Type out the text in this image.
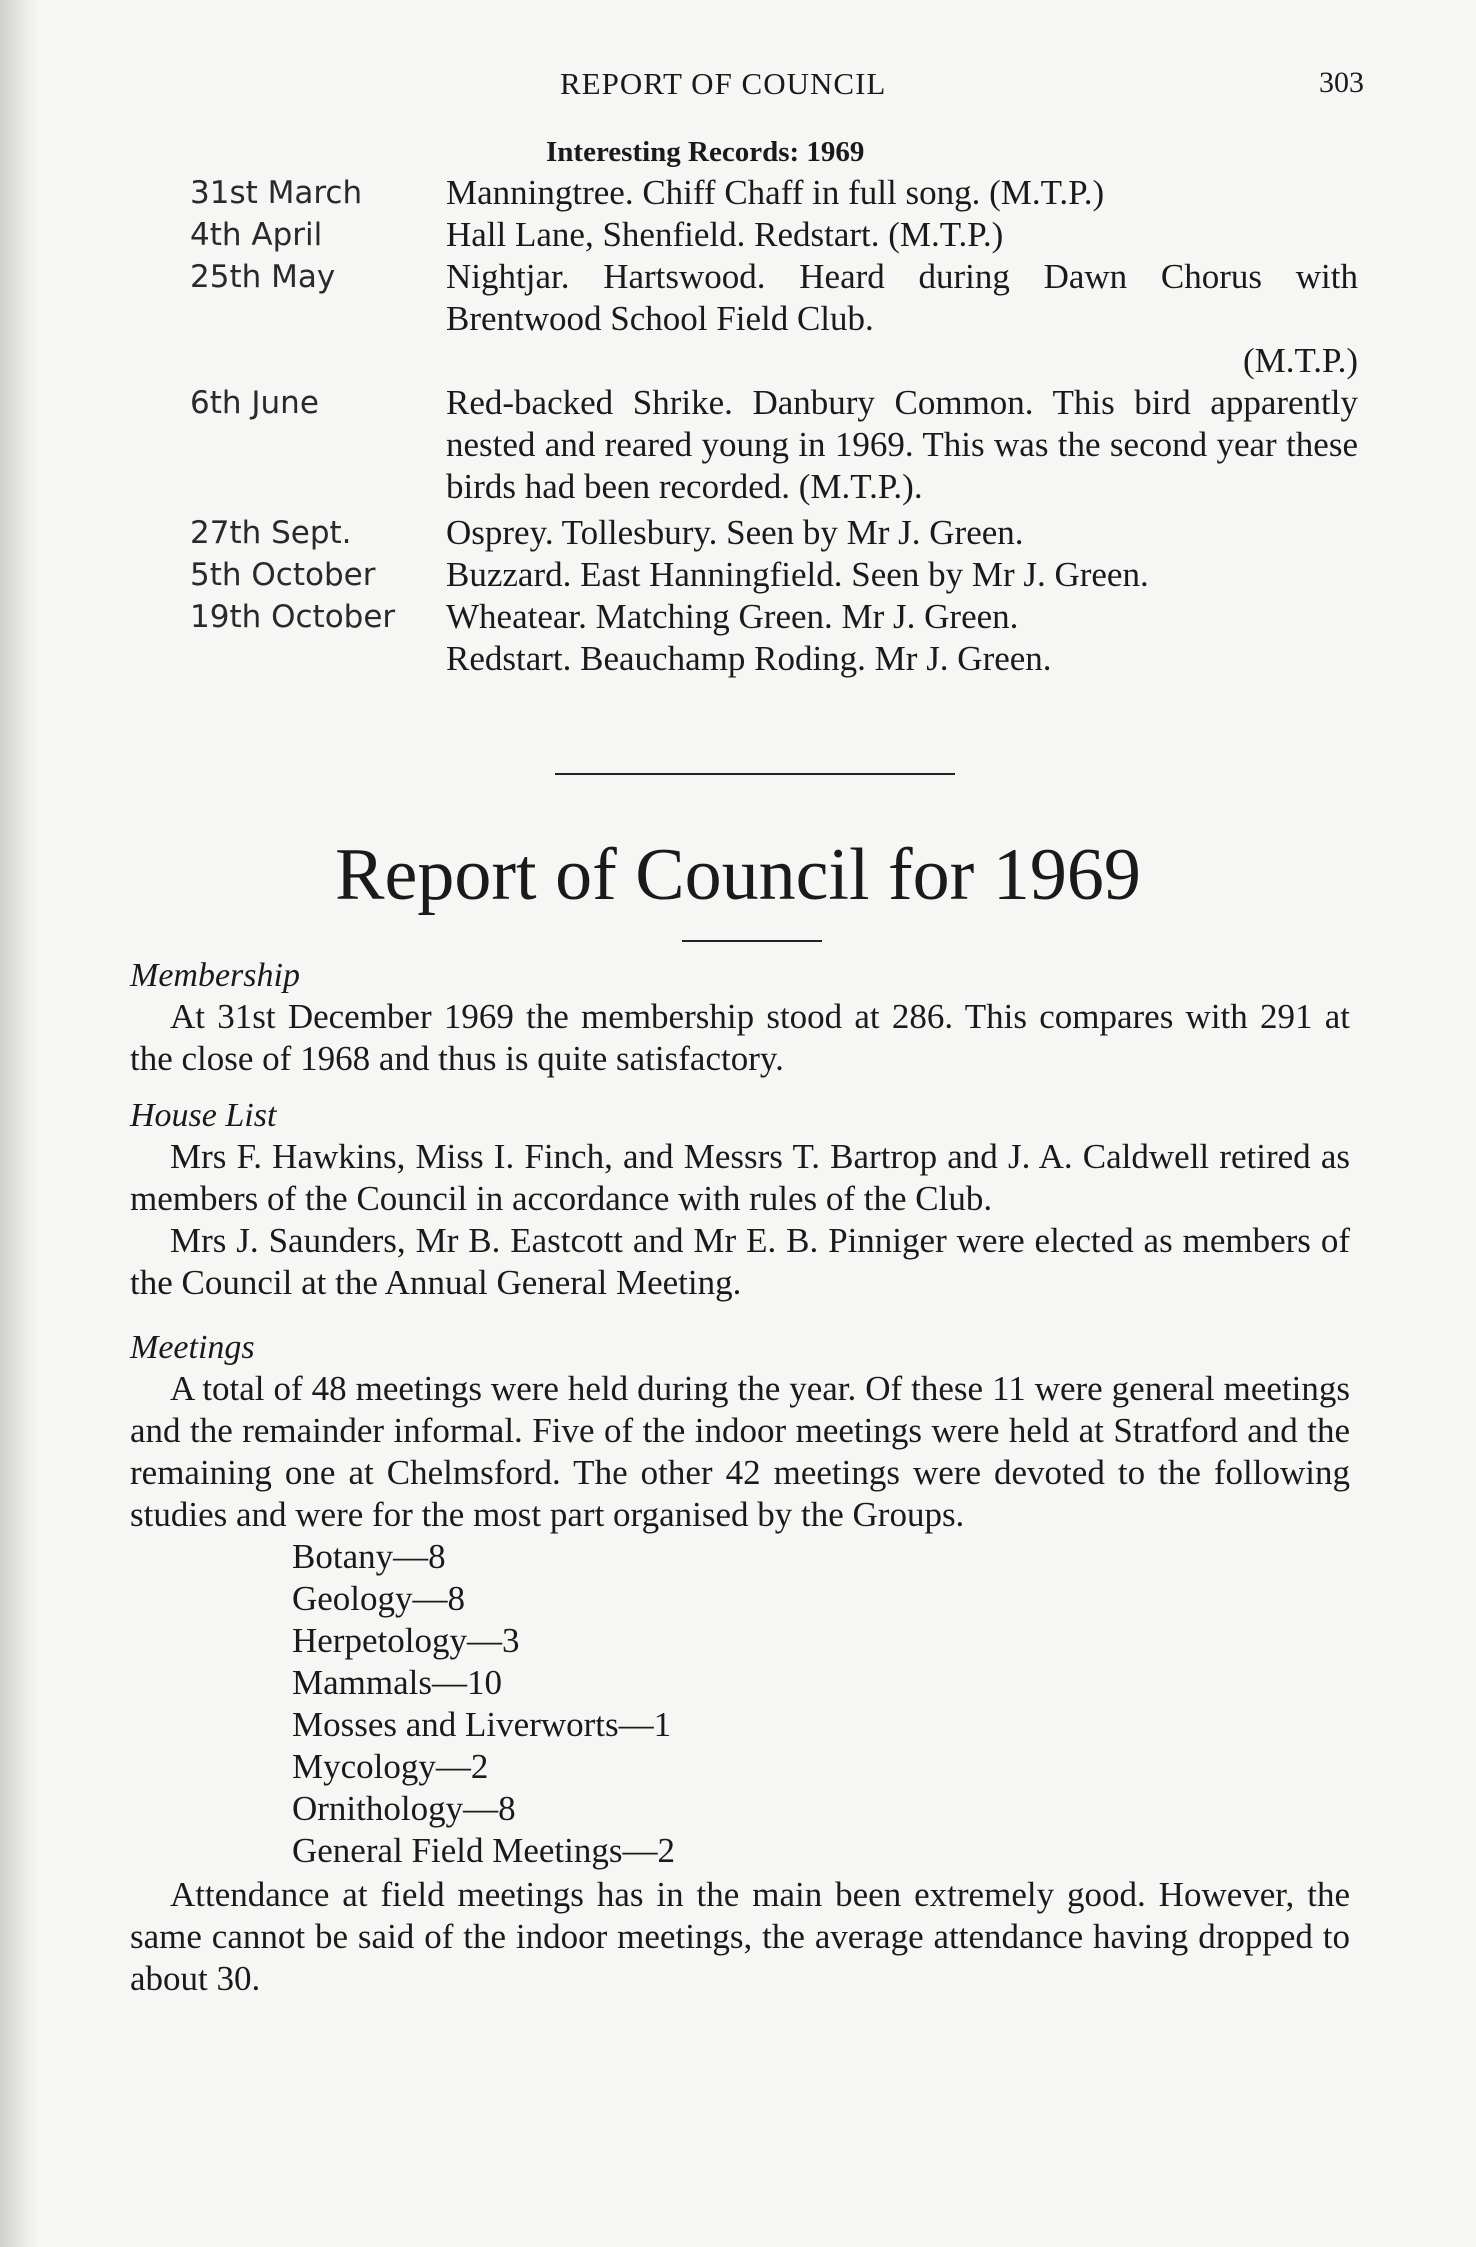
REPORT OF COUNCIL	303
Interesting Records: 1969
31st March	Manningtree. Chiff Chaff in full song. (M.T.P.)
4th April	Hall Lane, Shenfield. Redstart. (M.T.P.)
25th May	Nightjar. Hartswood. Heard during Dawn Chorus with Brentwood School Field Club.
(M.T.P.)
6th June	Red-backed Shrike. Danbury Common. This bird apparently nested and reared young in 1969. This was the second year these birds had been recorded. (M.T.P.).
27th Sept.	Osprey. Tollesbury. Seen by Mr J. Green.
5th October	Buzzard. East Hanningfield. Seen by Mr J. Green.
19th October	Wheatear. Matching Green. Mr J. Green.
Redstart. Beauchamp Roding. Mr J. Green.
Report of Council for 1969
Membership

At 31st December 1969 the membership stood at 286. This compares with 291 at the close of 1968 and thus is quite satisfactory.

House List

Mrs F. Hawkins, Miss I. Finch, and Messrs T. Bartrop and J. A. Caldwell retired as members of the Council in accordance with rules of the Club.

Mrs J. Saunders, Mr B. Eastcott and Mr E. B. Pinniger were elected as members of the Council at the Annual General Meeting.

Meetings

A total of 48 meetings were held during the year. Of these 11 were general meetings and the remainder informal. Five of the indoor meetings were held at Stratford and the remaining one at Chelmsford. The other 42 meetings were devoted to the following studies and were for the most part organised by the Groups.

Botany—8
Geology—8
Herpetology—3
Mammals—10
Mosses and Liverworts—1
Mycology—2
Ornithology—8
General Field Meetings—2

Attendance at field meetings has in the main been extremely good. However, the same cannot be said of the indoor meetings, the average attendance having dropped to about 30.
